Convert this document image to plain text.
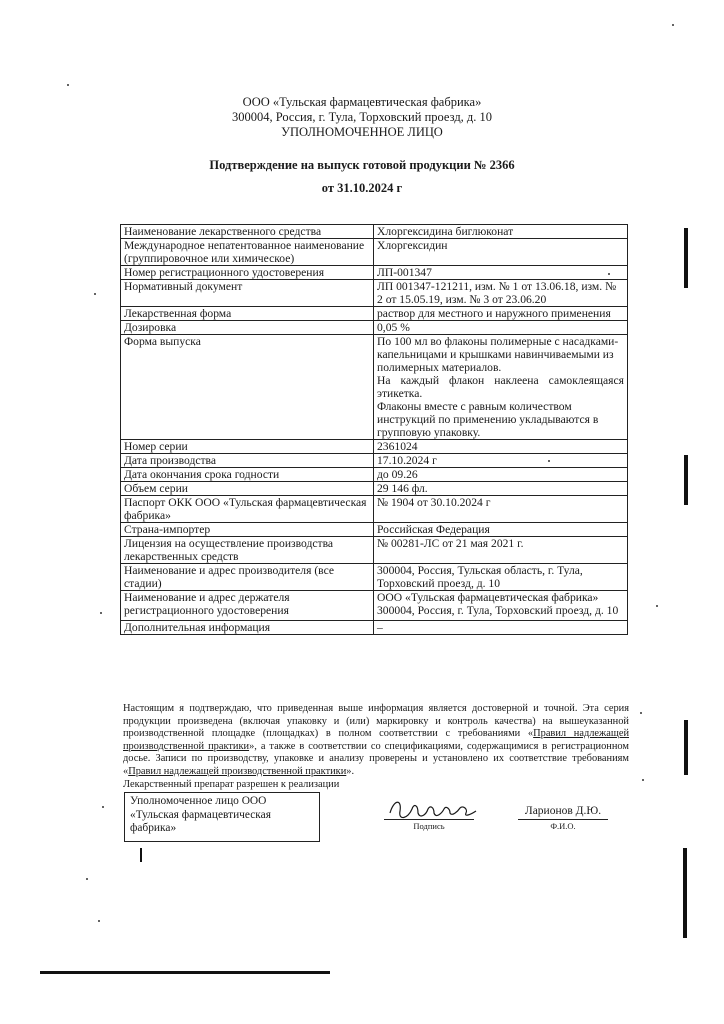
ООО «Тульская фармацевтическая фабрика»
300004, Россия, г. Тула, Торховский проезд, д. 10
УПОЛНОМОЧЕННОЕ ЛИЦО
Подтверждение на выпуск готовой продукции № 2366
от 31.10.2024 г
Наименование лекарственного средства	Хлоргексидина биглюконат
Международное непатентованное наименование (группировочное или химическое)	Хлоргексидин
Номер регистрационного удостоверения	ЛП-001347
Нормативный документ	ЛП 001347-121211, изм. № 1 от 13.06.18, изм. № 2 от 15.05.19, изм. № 3 от 23.06.20
Лекарственная форма	раствор для местного и наружного применения
Дозировка	0,05 %
Форма выпуска	По 100 мл во флаконы полимерные с насадками-капельницами и крышками навинчиваемыми из полимерных материалов.
На каждый флакон наклеена самоклеящаяся этикетка.
Флаконы вместе с равным количеством инструкций по применению укладываются в групповую упаковку.

Номер серии	2361024
Дата производства	17.10.2024 г
Дата окончания срока годности	до 09.26
Объем серии	29 146 фл.
Паспорт ОКК ООО «Тульская фармацевтическая фабрика»	№ 1904 от 30.10.2024 г
Страна-импортер	Российская Федерация
Лицензия на осуществление производства лекарственных средств	№ 00281-ЛС от 21 мая 2021 г.
Наименование и адрес производителя (все стадии)	300004, Россия, Тульская область, г. Тула, Торховский проезд, д. 10
Наименование и адрес держателя регистрационного удостоверения	ООО «Тульская фармацевтическая фабрика» 300004, Россия, г. Тула, Торховский проезд, д. 10
Дополнительная информация	–
Настоящим я подтверждаю, что приведенная выше информация является достоверной и точной. Эта серия продукции произведена (включая упаковку и (или) маркировку и контроль качества) на вышеуказанной производственной площадке (площадках) в полном соответствии с требованиями «Правил надлежащей производственной практики», а также в соответствии со спецификациями, содержащимися в регистрационном досье. Записи по производству, упаковке и анализу проверены и установлено их соответствие требованиям «Правил надлежащей производственной практики».
Лекарственный препарат разрешен к реализации
Уполномоченное лицо ООО «Тульская фармацевтическая фабрика»	Подпись
Ларионов Д.Ю.
Ф.И.О.
